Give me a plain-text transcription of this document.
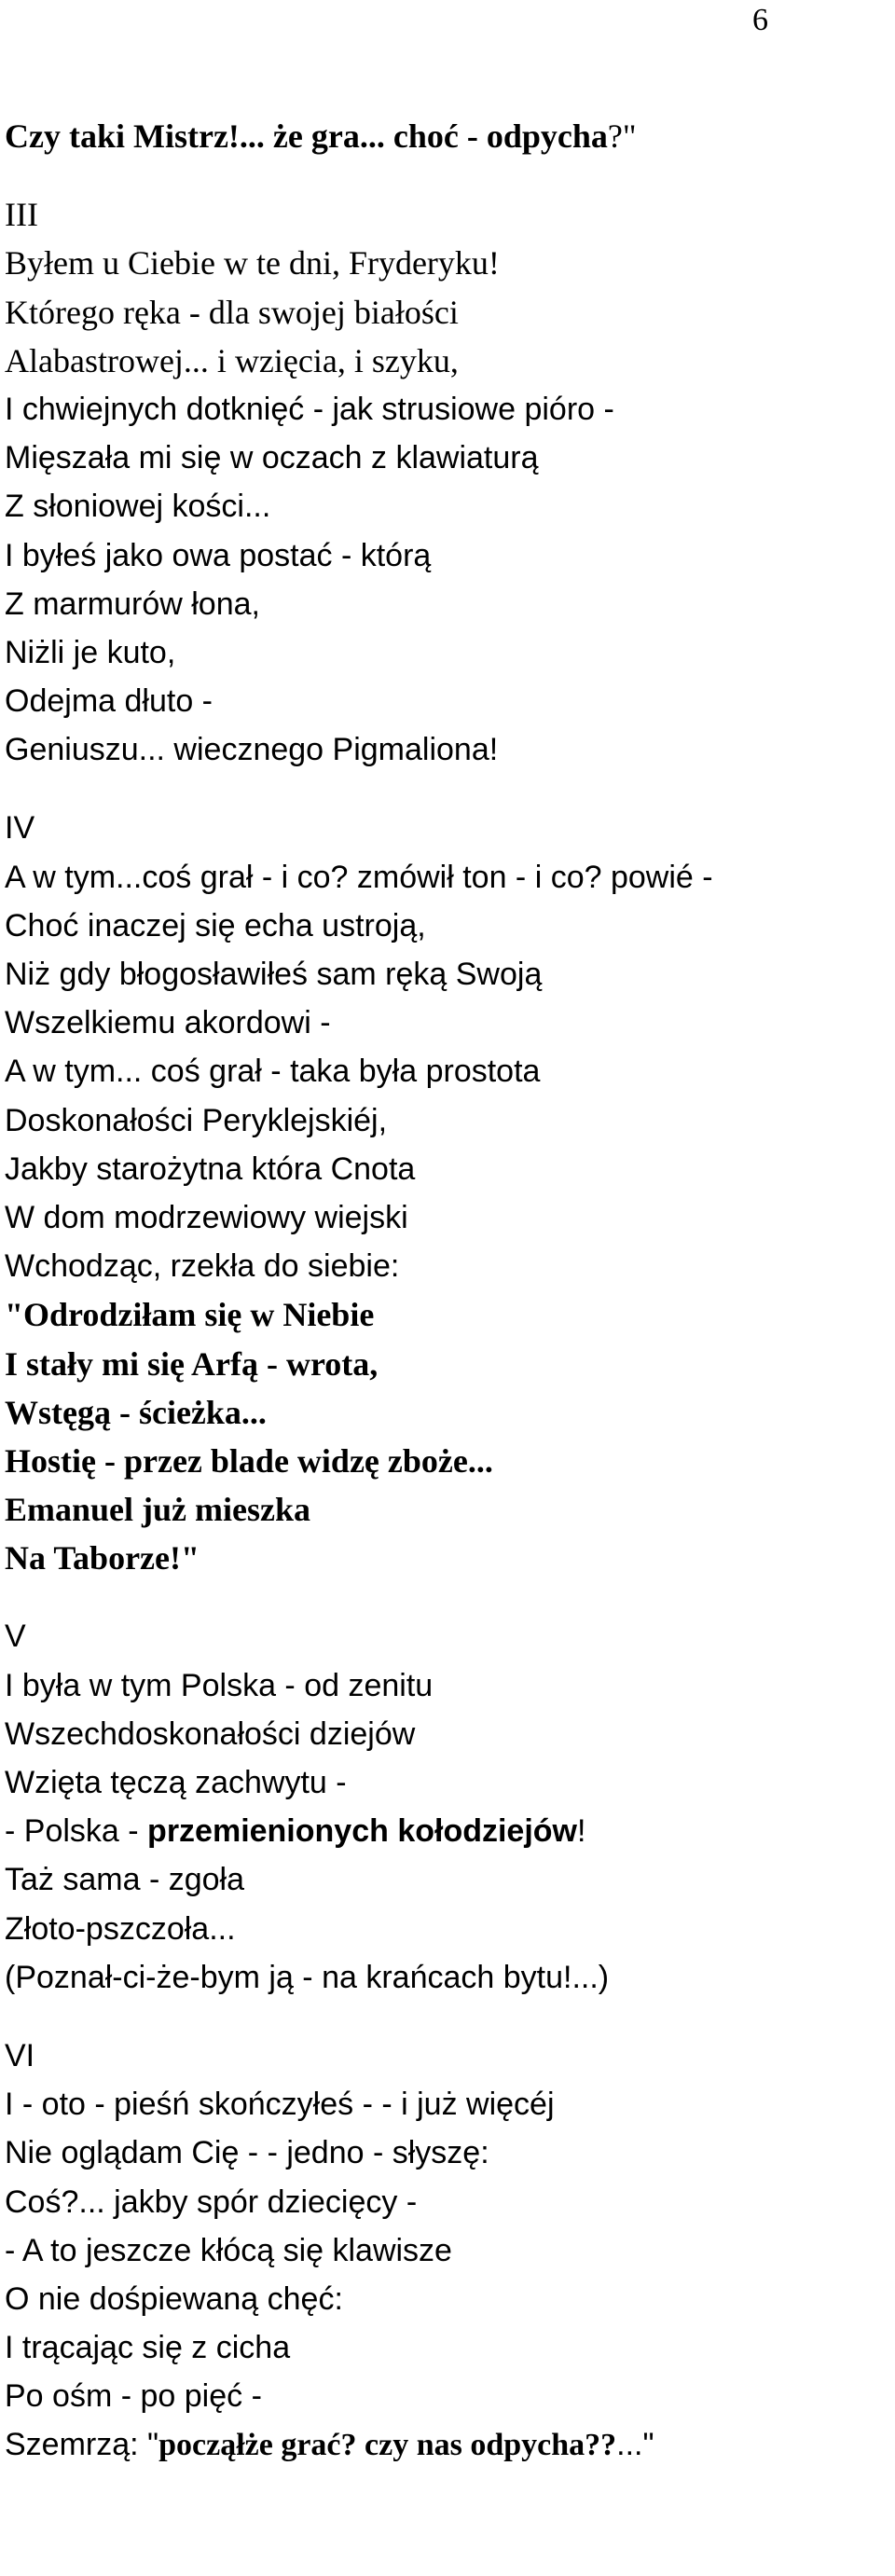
6
Czy taki Mistrz!... że gra... choć - odpycha?"
III
Byłem u Ciebie w te dni, Fryderyku!
Którego ręka - dla swojej białości
Alabastrowej... i wzięcia, i szyku,
I chwiejnych dotknięć - jak strusiowe pióro -
Mięszała mi się w oczach z klawiaturą
Z słoniowej kości...
I byłeś jako owa postać - którą
Z marmurów łona,
Niżli je kuto,
Odejma dłuto -
Geniuszu... wiecznego Pigmaliona!
IV
A w tym...coś grał - i co? zmówił ton - i co? powié -
Choć inaczej się echa ustroją,
Niż gdy błogosławiłeś sam ręką Swoją
Wszelkiemu akordowi -
A w tym... coś grał - taka była prostota
Doskonałości Peryklejskiéj,
Jakby starożytna która Cnota
W dom modrzewiowy wiejski
Wchodząc, rzekła do siebie:
"Odrodziłam się w Niebie
I stały mi się Arfą - wrota,
Wstęgą - ścieżka...
Hostię - przez blade widzę zboże...
Emanuel już mieszka
Na Taborze!"
V
I była w tym Polska - od zenitu
Wszechdoskonałości dziejów
Wzięta tęczą zachwytu -
- Polska - przemienionych kołodziejów!
Taż sama - zgoła
Złoto-pszczoła...
(Poznał-ci-że-bym ją - na krańcach bytu!...)
VI
I - oto - pieśń skończyłeś - - i już więcéj
Nie oglądam Cię - - jedno - słyszę:
Coś?... jakby spór dziecięcy -
- A to jeszcze kłócą się klawisze
O nie dośpiewaną chęć:
I trącając się z cicha
Po ośm - po pięć -
Szemrzą: "począłże grać? czy nas odpycha??..."
